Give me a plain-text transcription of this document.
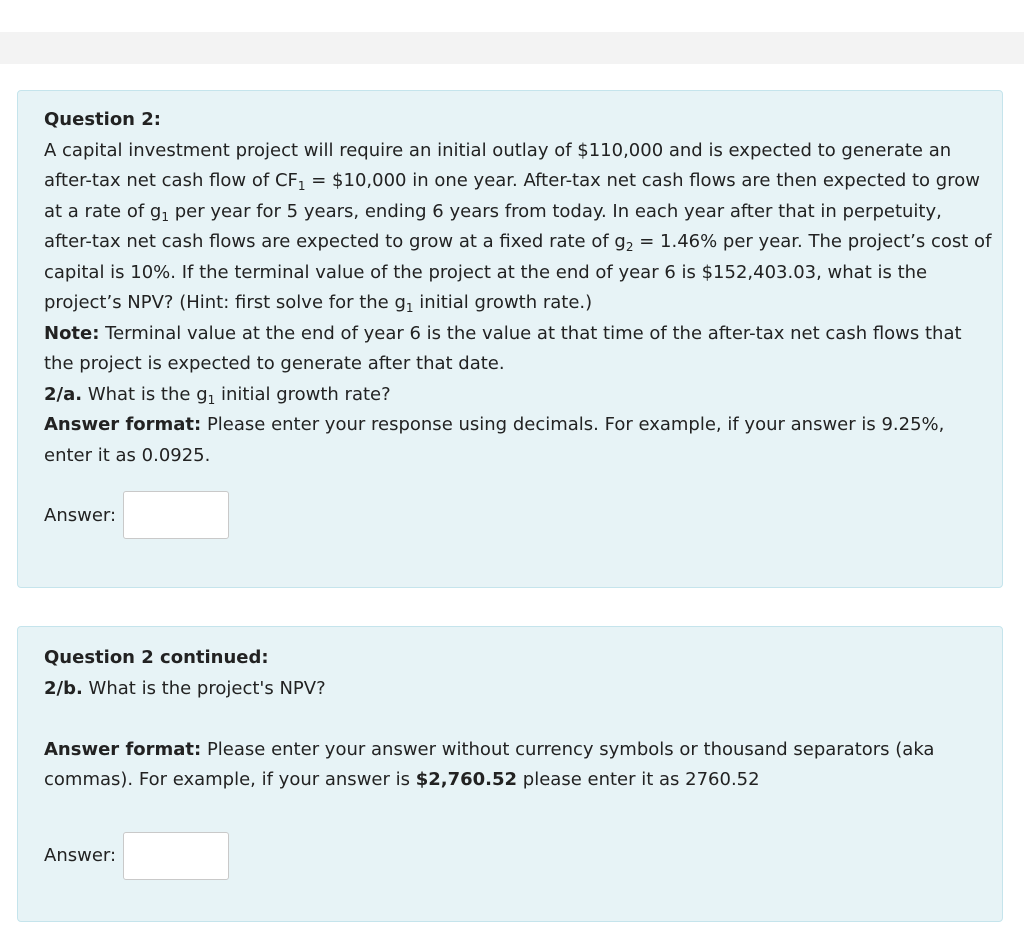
Question 2:

A capital investment project will require an initial outlay of $110,000 and is expected to generate an

after-tax net cash flow of $CF_1$ = $10,000 in one year. After-tax net cash flows are then expected to grow

at a rate of $g_1$ per year for 5 years, ending 6 years from today. In each year after that in perpetuity,

after-tax net cash flows are expected to grow at a fixed rate of $g_2 = 1.46\%$ per year. The project’s cost of

capital is 10%. If the terminal value of the project at the end of year 6 is $152,403.03, what is the

project’s NPV? (Hint: first solve for the $g_1$ initial growth rate.)

Note: Terminal value at the end of year 6 is the value at that time of the after-tax net cash flows that the project is expected to generate after that date.

2/a. What is the $g_1$ initial growth rate?

Answer format: Please enter your response using decimals. For example, if your answer is 9.25%, enter it as 0.0925.

Answer:

Question 2 continued:

2/b. What is the project's NPV?

Answer format: Please enter your answer without currency symbols or thousand separators (aka commas). For example, if your answer is $2,760.52 please enter it as 2760.52

Answer:
